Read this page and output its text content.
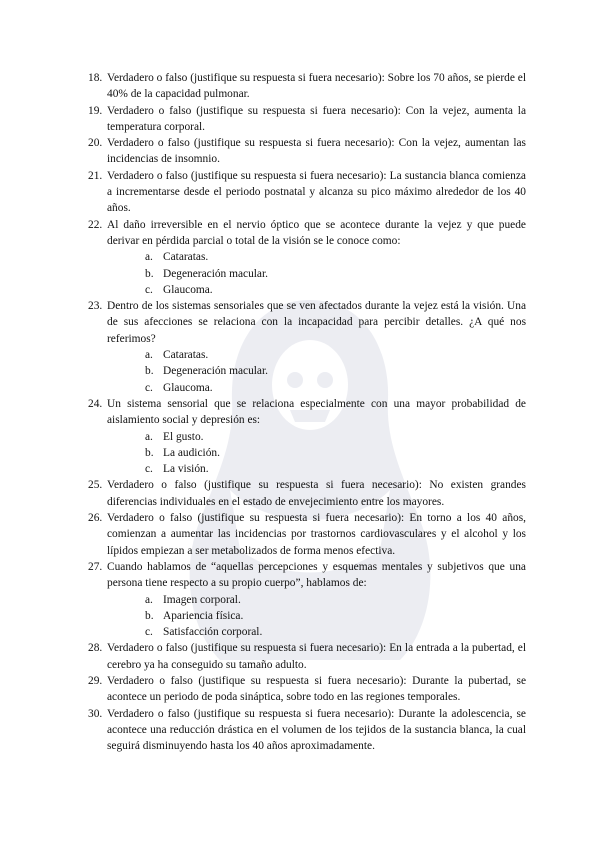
18. Verdadero o falso (justifique su respuesta si fuera necesario): Sobre los 70 años, se pierde el 40% de la capacidad pulmonar.
19. Verdadero o falso (justifique su respuesta si fuera necesario): Con la vejez, aumenta la temperatura corporal.
20. Verdadero o falso (justifique su respuesta si fuera necesario): Con la vejez, aumentan las incidencias de insomnio.
21. Verdadero o falso (justifique su respuesta si fuera necesario): La sustancia blanca comienza a incrementarse desde el periodo postnatal y alcanza su pico máximo alrededor de los 40 años.
22. Al daño irreversible en el nervio óptico que se acontece durante la vejez y que puede derivar en pérdida parcial o total de la visión se le conoce como:
a. Cataratas.
b. Degeneración macular.
c. Glaucoma.
23. Dentro de los sistemas sensoriales que se ven afectados durante la vejez está la visión. Una de sus afecciones se relaciona con la incapacidad para percibir detalles. ¿A qué nos referimos?
a. Cataratas.
b. Degeneración macular.
c. Glaucoma.
24. Un sistema sensorial que se relaciona especialmente con una mayor probabilidad de aislamiento social y depresión es:
a. El gusto.
b. La audición.
c. La visión.
25. Verdadero o falso (justifique su respuesta si fuera necesario): No existen grandes diferencias individuales en el estado de envejecimiento entre los mayores.
26. Verdadero o falso (justifique su respuesta si fuera necesario): En torno a los 40 años, comienzan a aumentar las incidencias por trastornos cardiovasculares y el alcohol y los lípidos empiezan a ser metabolizados de forma menos efectiva.
27. Cuando hablamos de “aquellas percepciones y esquemas mentales y subjetivos que una persona tiene respecto a su propio cuerpo”, hablamos de:
a. Imagen corporal.
b. Apariencia física.
c. Satisfacción corporal.
28. Verdadero o falso (justifique su respuesta si fuera necesario): En la entrada a la pubertad, el cerebro ya ha conseguido su tamaño adulto.
29. Verdadero o falso (justifique su respuesta si fuera necesario): Durante la pubertad, se acontece un periodo de poda sináptica, sobre todo en las regiones temporales.
30. Verdadero o falso (justifique su respuesta si fuera necesario): Durante la adolescencia, se acontece una reducción drástica en el volumen de los tejidos de la sustancia blanca, la cual seguirá disminuyendo hasta los 40 años aproximadamente.
